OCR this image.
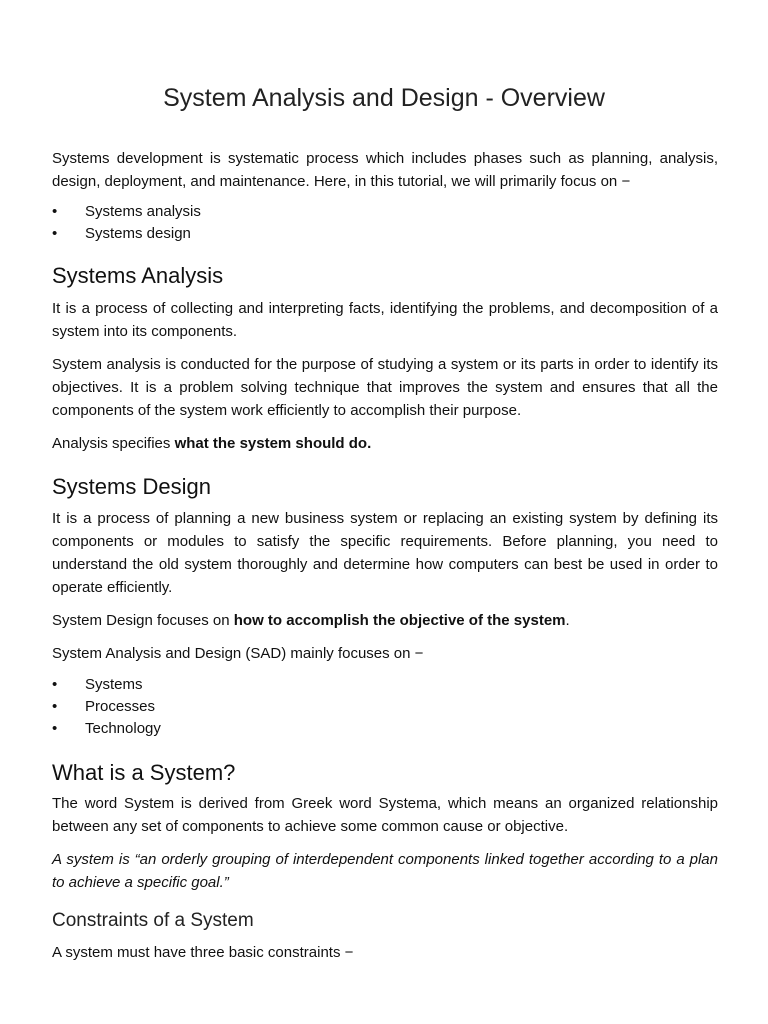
System Analysis and Design - Overview

Systems development is systematic process which includes phases such as planning, analysis, design, deployment, and maintenance. Here, in this tutorial, we will primarily focus on −

• Systems analysis
• Systems design
Systems Analysis

It is a process of collecting and interpreting facts, identifying the problems, and decomposition of a system into its components.

System analysis is conducted for the purpose of studying a system or its parts in order to identify its objectives. It is a problem solving technique that improves the system and ensures that all the components of the system work efficiently to accomplish their purpose.

Analysis specifies what the system should do.

Systems Design

It is a process of planning a new business system or replacing an existing system by defining its components or modules to satisfy the specific requirements. Before planning, you need to understand the old system thoroughly and determine how computers can best be used in order to operate efficiently.

System Design focuses on how to accomplish the objective of the system.

System Analysis and Design (SAD) mainly focuses on −

• Systems
• Processes
• Technology
What is a System?

The word System is derived from Greek word Systema, which means an organized relationship between any set of components to achieve some common cause or objective.

A system is “an orderly grouping of interdependent components linked together according to a plan to achieve a specific goal.”

Constraints of a System

A system must have three basic constraints −
